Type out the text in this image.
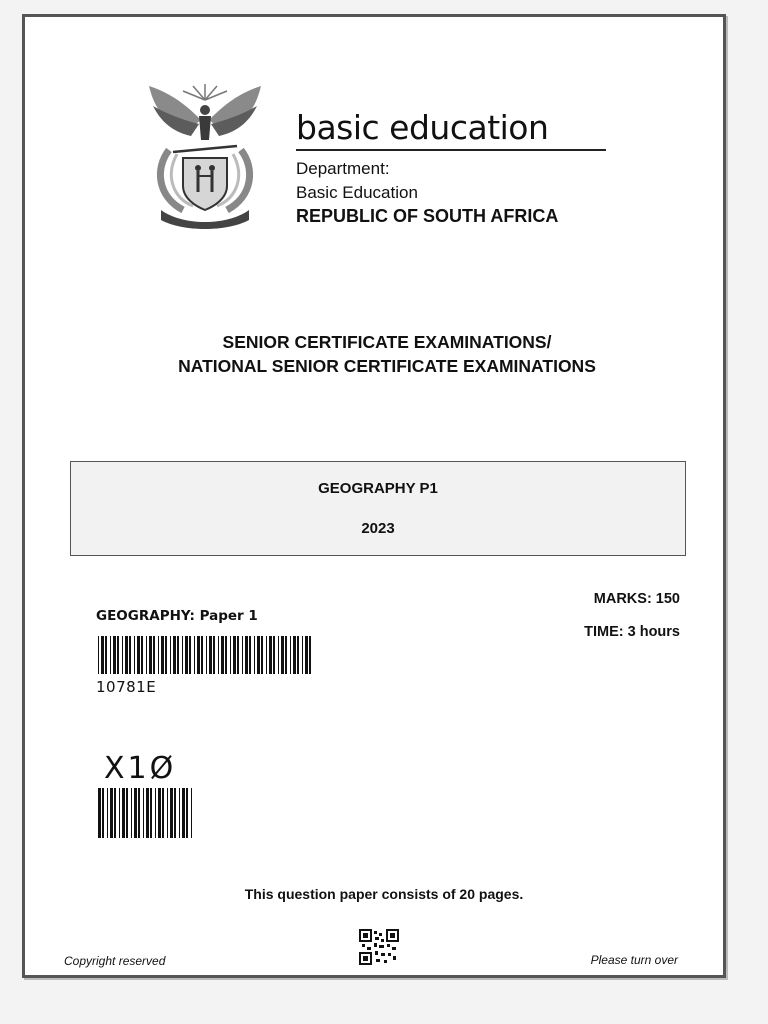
basic education
Department:
Basic Education
REPUBLIC OF SOUTH AFRICA
SENIOR CERTIFICATE EXAMINATIONS/
NATIONAL SENIOR CERTIFICATE EXAMINATIONS
GEOGRAPHY P1
2023
GEOGRAPHY: Paper 1
MARKS: 150
TIME: 3 hours
10781E
X1Ø
This question paper consists of 20 pages.
Copyright reserved	Please turn over
